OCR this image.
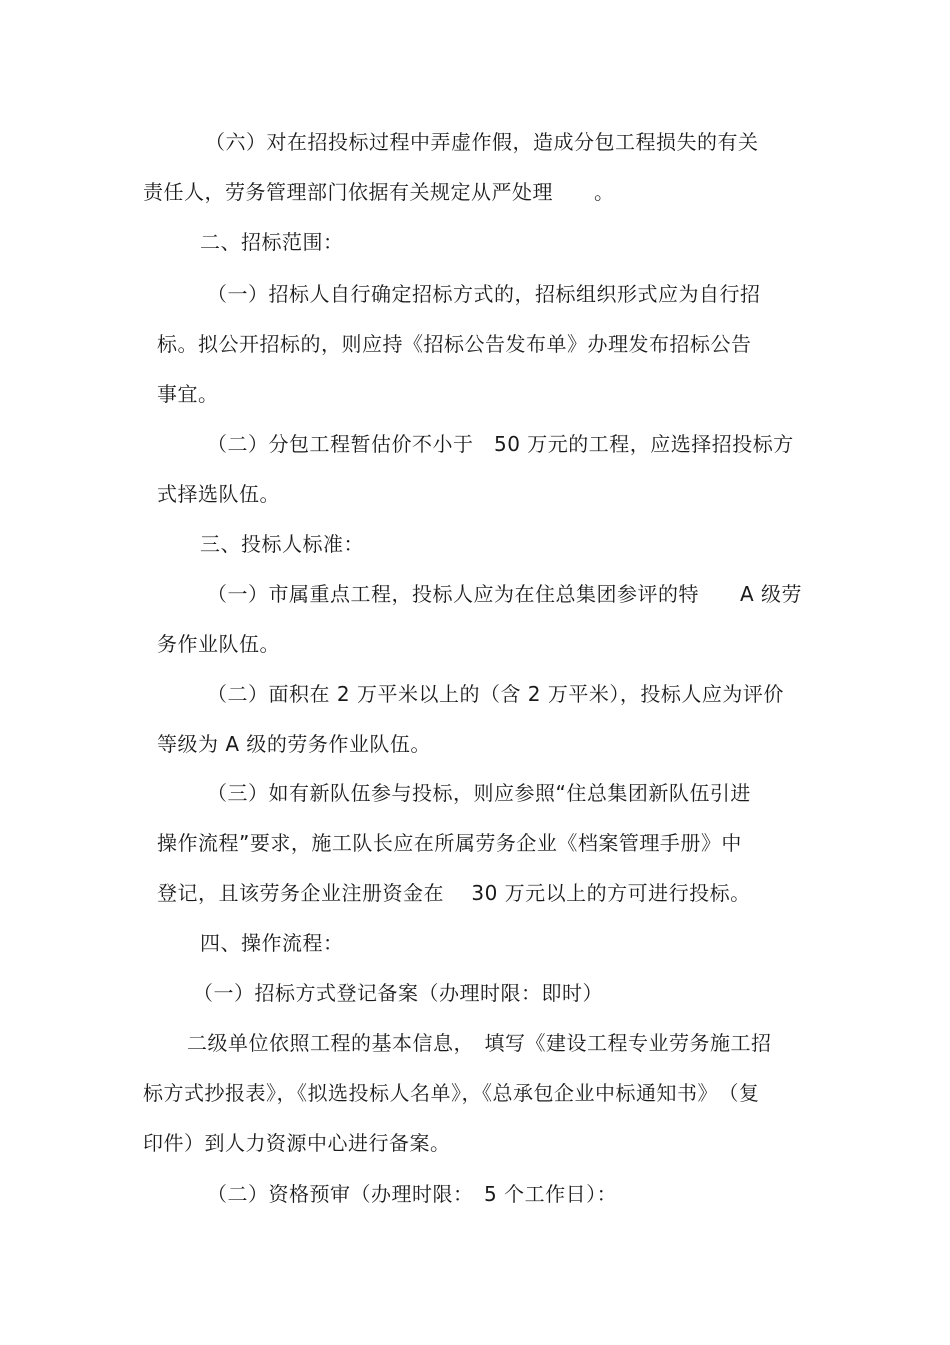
（六）对在招投标过程中弄虚作假，造成分包工程损失的有关
责任人，劳务管理部门依据有关规定从严处理　　。
二、招标范围：
（一）招标人自行确定招标方式的，招标组织形式应为自行招
标。拟公开招标的，则应持《招标公告发布单》办理发布招标公告
事宜。
（二）分包工程暂估价不小于　50 万元的工程，应选择招投标方
式择选队伍。
三、投标人标准：
（一）市属重点工程，投标人应为在住总集团参评的特　　A 级劳
务作业队伍。
（二）面积在 2 万平米以上的（含 2 万平米），投标人应为评价
等级为 A 级的劳务作业队伍。
（三）如有新队伍参与投标，则应参照“住总集团新队伍引进
操作流程”要求，施工队长应在所属劳务企业《档案管理手册》中
登记，且该劳务企业注册资金在　 30 万元以上的方可进行投标。
四、操作流程：
（一）招标方式登记备案（办理时限：即时）
二级单位依照工程的基本信息，　填写《建设工程专业劳务施工招
标方式抄报表》，《拟选投标人名单》，《总承包企业中标通知书》　（复
印件）到人力资源中心进行备案。
（二）资格预审（办理时限：　5 个工作日）：
